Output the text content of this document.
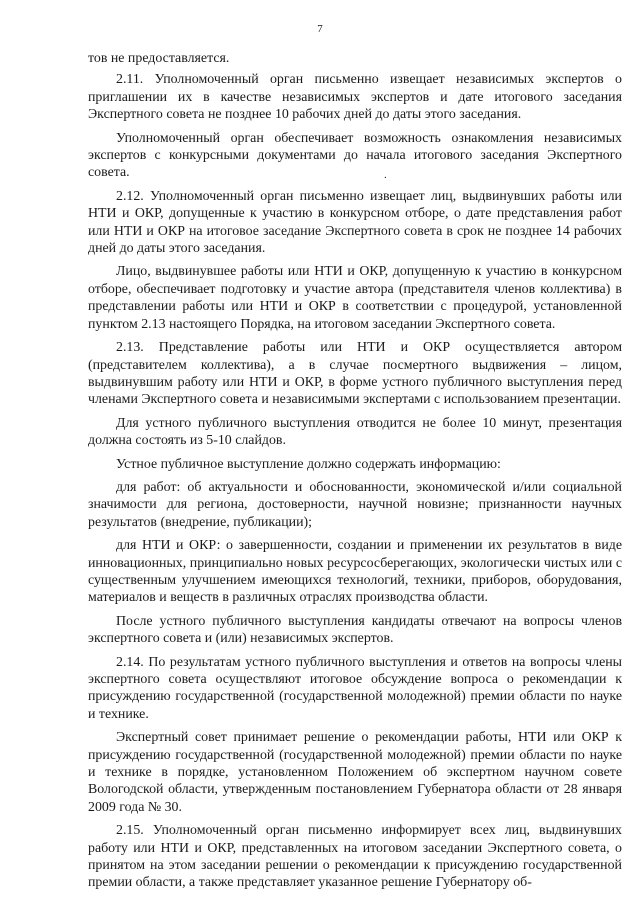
7
.

тов не предоставляется.

2.11. Уполномоченный орган письменно извещает независимых экспертов о приглашении их в качестве независимых экспертов и дате итогового заседания Экспертного совета не позднее 10 рабочих дней до даты этого заседания.

Уполномоченный орган обеспечивает возможность ознакомления независимых экспертов с конкурсными документами до начала итогового заседания Экспертного совета.

2.12. Уполномоченный орган письменно извещает лиц, выдвинувших работы или НТИ и ОКР, допущенные к участию в конкурсном отборе, о дате представления работ или НТИ и ОКР на итоговое заседание Экспертного совета в срок не позднее 14 рабочих дней до даты этого заседания.

Лицо, выдвинувшее работы или НТИ и ОКР, допущенную к участию в конкурсном отборе, обеспечивает подготовку и участие автора (представителя членов коллектива) в представлении работы или НТИ и ОКР в соответствии с процедурой, установленной пунктом 2.13 настоящего Порядка, на итоговом заседании Экспертного совета.

2.13. Представление работы или НТИ и ОКР осуществляется автором (представителем коллектива), а в случае посмертного выдвижения – лицом, выдвинувшим работу или НТИ и ОКР, в форме устного публичного выступления перед членами Экспертного совета и независимыми экспертами с использованием презентации.

Для устного публичного выступления отводится не более 10 минут, презентация должна состоять из 5-10 слайдов.

Устное публичное выступление должно содержать информацию:

для работ: об актуальности и обоснованности, экономической и/или социальной значимости для региона, достоверности, научной новизне; признанности научных результатов (внедрение, публикации);

для НТИ и ОКР: о завершенности, создании и применении их результатов в виде инновационных, принципиально новых ресурсосберегающих, экологически чистых или с существенным улучшением имеющихся технологий, техники, приборов, оборудования, материалов и веществ в различных отраслях производства области.

После устного публичного выступления кандидаты отвечают на вопросы членов экспертного совета и (или) независимых экспертов.

2.14. По результатам устного публичного выступления и ответов на вопросы члены экспертного совета осуществляют итоговое обсуждение вопроса о рекомендации к присуждению государственной (государственной молодежной) премии области по науке и технике.

Экспертный совет принимает решение о рекомендации работы, НТИ или ОКР к присуждению государственной (государственной молодежной) премии области по науке и технике в порядке, установленном Положением об экспертном научном совете Вологодской области, утвержденным постановлением Губернатора области от 28 января 2009 года № 30.

2.15. Уполномоченный орган письменно информирует всех лиц, выдвинувших работу или НТИ и ОКР, представленных на итоговом заседании Экспертного совета, о принятом на этом заседании решении о рекомендации к присуждению государственной премии области, а также представляет указанное решение Губернатору об-
